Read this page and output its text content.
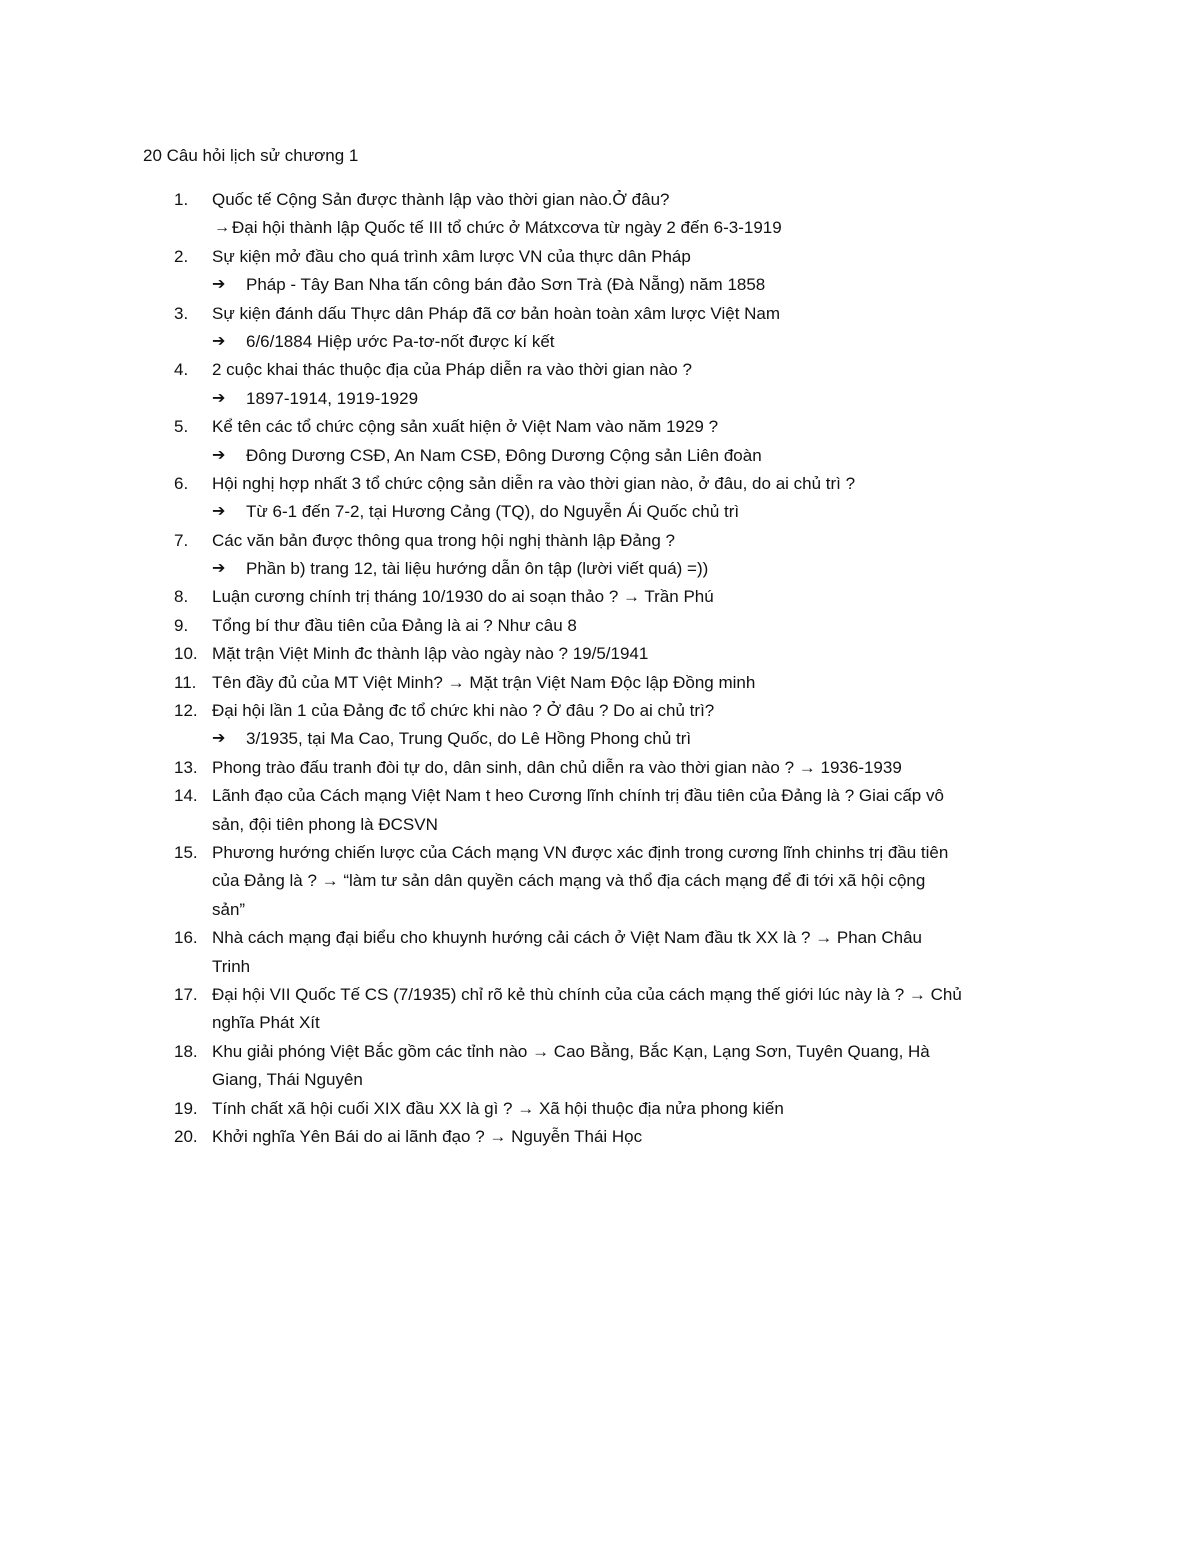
20 Câu hỏi lịch sử chương 1
1.	Quốc tế Cộng Sản được thành lập vào thời gian nào.Ở đâu?
→ Đại hội thành lập Quốc tế III tổ chức ở Mátxcơva từ ngày 2 đến 6-3-1919
2.	Sự kiện mở đầu cho quá trình xâm lược VN của thực dân Pháp
➔ Pháp - Tây Ban Nha tấn công bán đảo Sơn Trà (Đà Nẵng) năm 1858
3.	Sự kiện đánh dấu Thực dân Pháp đã cơ bản hoàn toàn xâm lược Việt Nam
➔ 6/6/1884 Hiệp ước Pa-tơ-nốt được kí kết
4.	2 cuộc khai thác thuộc địa của Pháp diễn ra vào thời gian nào ?
➔ 1897-1914, 1919-1929
5.	Kể tên các tổ chức cộng sản xuất hiện ở Việt Nam vào năm 1929 ?
➔ Đông Dương CSĐ, An Nam CSĐ, Đông Dương Cộng sản Liên đoàn
6.	Hội nghị hợp nhất 3 tổ chức cộng sản diễn ra vào thời gian nào, ở đâu, do ai chủ trì ?
➔ Từ 6-1 đến 7-2, tại Hương Cảng (TQ), do Nguyễn Ái Quốc chủ trì
7.	Các văn bản được thông qua trong hội nghị thành lập Đảng ?
➔ Phần b) trang 12, tài liệu hướng dẫn ôn tập (lười viết quá) =))
8.	Luận cương chính trị tháng 10/1930 do ai soạn thảo ? → Trần Phú
9.	Tổng bí thư đầu tiên của Đảng là ai ? Như câu 8
10. Mặt trận Việt Minh đc thành lập vào ngày nào ? 19/5/1941
11. Tên đầy đủ của MT Việt Minh? → Mặt trận Việt Nam Độc lập Đồng minh
12. Đại hội lần 1 của Đảng đc tổ chức khi nào ? Ở đâu ? Do ai chủ trì?
➔ 3/1935, tại Ma Cao, Trung Quốc, do Lê Hồng Phong chủ trì
13. Phong trào đấu tranh đòi tự do, dân sinh, dân chủ diễn ra vào thời gian nào ? → 1936-1939
14. Lãnh đạo của Cách mạng Việt Nam t heo Cương lĩnh chính trị đầu tiên của Đảng là ? Giai cấp vô
sản, đội tiên phong là ĐCSVN
15. Phương hướng chiến lược của Cách mạng VN được xác định trong cương lĩnh chinhs trị đầu tiên
của Đảng là ? → “làm tư sản dân quyền cách mạng và thổ địa cách mạng để đi tới xã hội cộng
sản”
16. Nhà cách mạng đại biểu cho khuynh hướng cải cách ở Việt Nam đầu tk XX là ? → Phan Châu
Trinh
17. Đại hội VII Quốc Tế CS (7/1935) chỉ rõ kẻ thù chính của của cách mạng thế giới lúc này là ? → Chủ
nghĩa Phát Xít
18. Khu giải phóng Việt Bắc gồm các tỉnh nào → Cao Bằng, Bắc Kạn, Lạng Sơn, Tuyên Quang, Hà
Giang, Thái Nguyên
19. Tính chất xã hội cuối XIX đầu XX là gì ? → Xã hội thuộc địa nửa phong kiến
20. Khởi nghĩa Yên Bái do ai lãnh đạo ? → Nguyễn Thái Học
